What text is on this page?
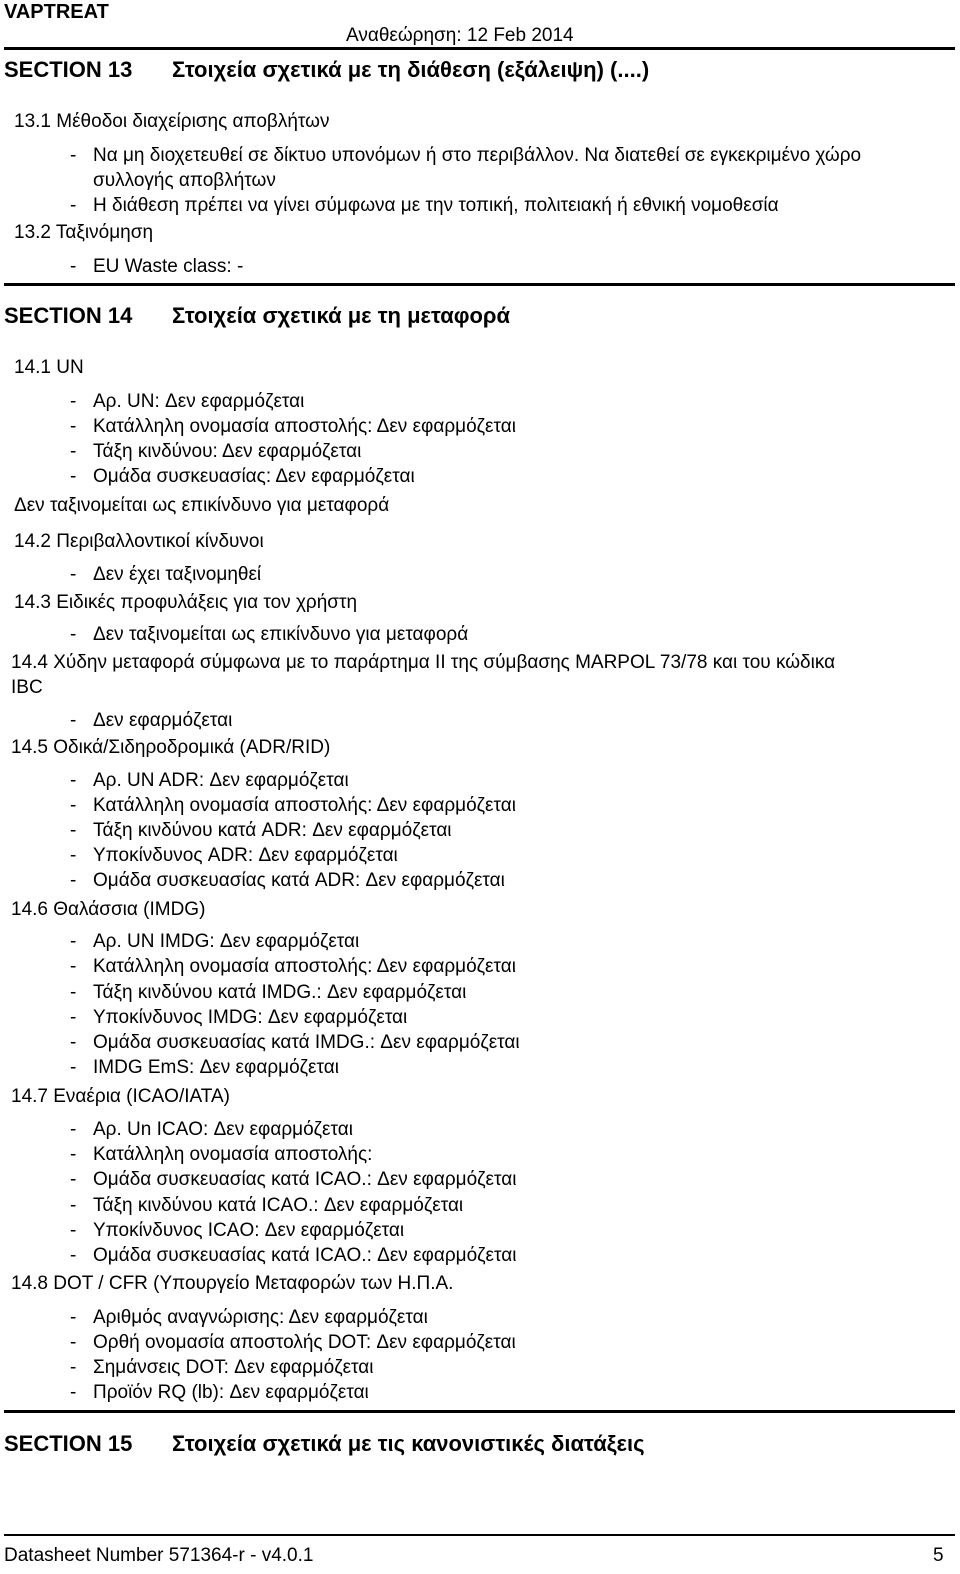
VAPTREAT
Αναθεώρηση: 12 Feb 2014
SECTION 13 Στοιχεία σχετικά με τη διάθεση (εξάλειψη) (....)
13.1 Μέθοδοι διαχείρισης αποβλήτων
- Να μη διοχετευθεί σε δίκτυο υπονόμων ή στο περιβάλλον. Να διατεθεί σε εγκεκριμένο χώρο
συλλογής αποβλήτων
- Η διάθεση πρέπει να γίνει σύμφωνα με την τοπική, πολιτειακή ή εθνική νομοθεσία
13.2 Ταξινόμηση
- EU Waste class: -
SECTION 14 Στοιχεία σχετικά με τη μεταφορά
14.1 UN
- Αρ. UN: Δεν εφαρμόζεται
- Κατάλληλη ονομασία αποστολής: Δεν εφαρμόζεται
- Τάξη κινδύνου: Δεν εφαρμόζεται
- Ομάδα συσκευασίας: Δεν εφαρμόζεται
Δεν ταξινομείται ως επικίνδυνο για μεταφορά
14.2 Περιβαλλοντικοί κίνδυνοι
- Δεν έχει ταξινομηθεί
14.3 Ειδικές προφυλάξεις για τον χρήστη
- Δεν ταξινομείται ως επικίνδυνο για μεταφορά
14.4 Χύδην μεταφορά σύμφωνα με το παράρτημα II της σύμβασης MARPOL 73/78 και του κώδικα
IBC
- Δεν εφαρμόζεται
14.5 Οδικά/Σιδηροδρομικά (ADR/RID)
- Αρ. UN ADR: Δεν εφαρμόζεται
- Κατάλληλη ονομασία αποστολής: Δεν εφαρμόζεται
- Τάξη κινδύνου κατά ADR: Δεν εφαρμόζεται
- Υποκίνδυνος ADR: Δεν εφαρμόζεται
- Ομάδα συσκευασίας κατά ADR: Δεν εφαρμόζεται
14.6 Θαλάσσια (IMDG)
- Αρ. UN IMDG: Δεν εφαρμόζεται
- Κατάλληλη ονομασία αποστολής: Δεν εφαρμόζεται
- Τάξη κινδύνου κατά IMDG.: Δεν εφαρμόζεται
- Υποκίνδυνος IMDG: Δεν εφαρμόζεται
- Ομάδα συσκευασίας κατά IMDG.: Δεν εφαρμόζεται
- IMDG EmS: Δεν εφαρμόζεται
14.7 Εναέρια (ICAO/IATA)
- Αρ. Un ICAO: Δεν εφαρμόζεται
- Κατάλληλη ονομασία αποστολής:
- Ομάδα συσκευασίας κατά ICAO.: Δεν εφαρμόζεται
- Τάξη κινδύνου κατά ICAO.: Δεν εφαρμόζεται
- Υποκίνδυνος ICAO: Δεν εφαρμόζεται
- Ομάδα συσκευασίας κατά ICAO.: Δεν εφαρμόζεται
14.8 DOT / CFR (Υπουργείο Μεταφορών των Η.Π.Α.
- Αριθμός αναγνώρισης: Δεν εφαρμόζεται
- Ορθή ονομασία αποστολής DOT: Δεν εφαρμόζεται
- Σημάνσεις DOT: Δεν εφαρμόζεται
- Προϊόν RQ (lb): Δεν εφαρμόζεται
SECTION 15 Στοιχεία σχετικά με τις κανονιστικές διατάξεις
Datasheet Number 571364-r - v4.0.1	5
